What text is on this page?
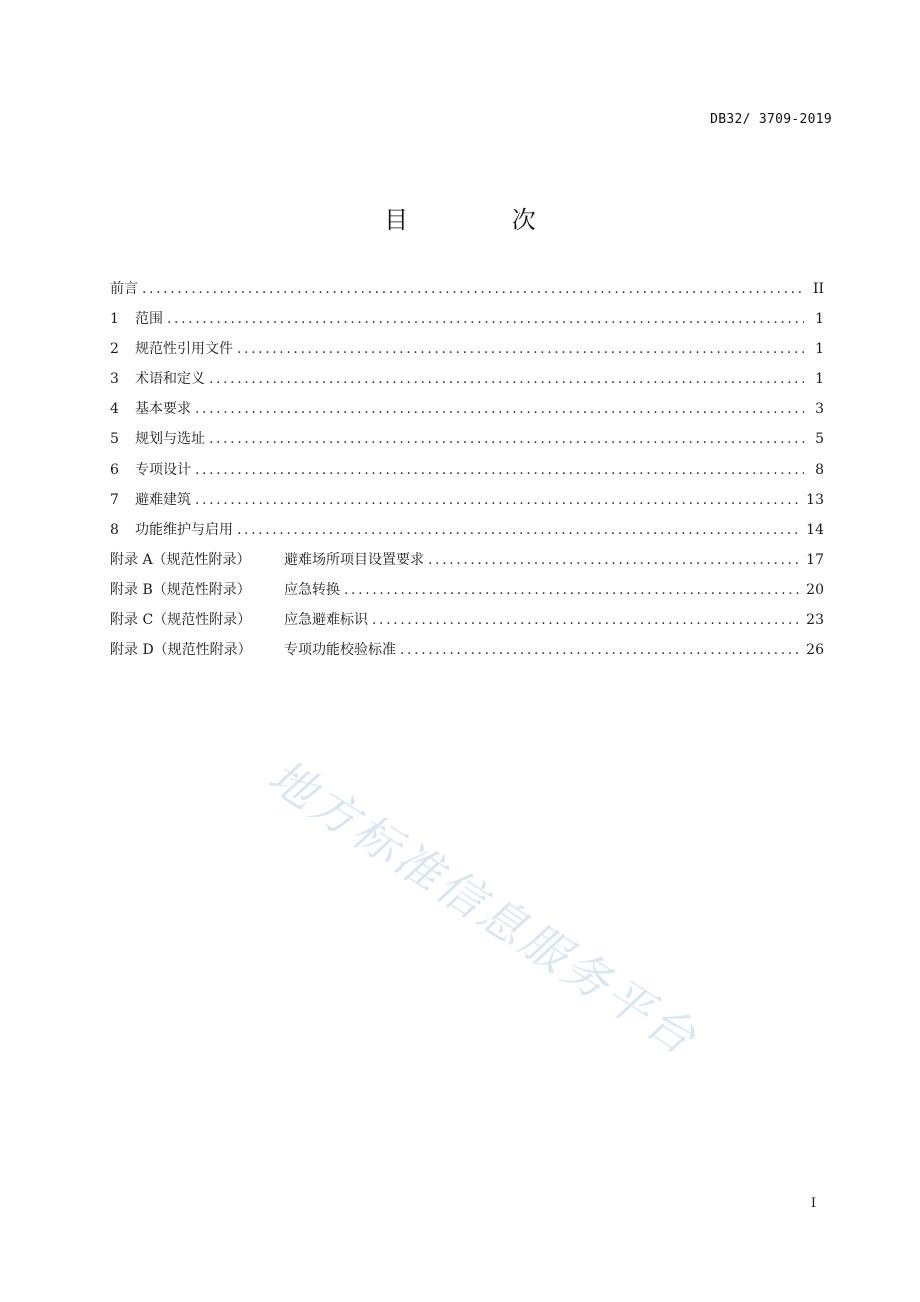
DB32/ 3709-2019
目 次
前言 .....	II
1	范围 .....	1
2	规范性引用文件 .....	1
3	术语和定义 .....	1
4	基本要求 .....	3
5	规划与选址 .....	5
6	专项设计 .....	8
7	避难建筑 .....	13
8	功能维护与启用 .....	14
附录 A（规范性附录）	避难场所项目设置要求 .....	17
附录 B（规范性附录）	应急转换 .....	20
附录 C（规范性附录）	应急避难标识 .....	23
附录 D（规范性附录）	专项功能校验标准 .....	26
地方标准信息服务平台
I
